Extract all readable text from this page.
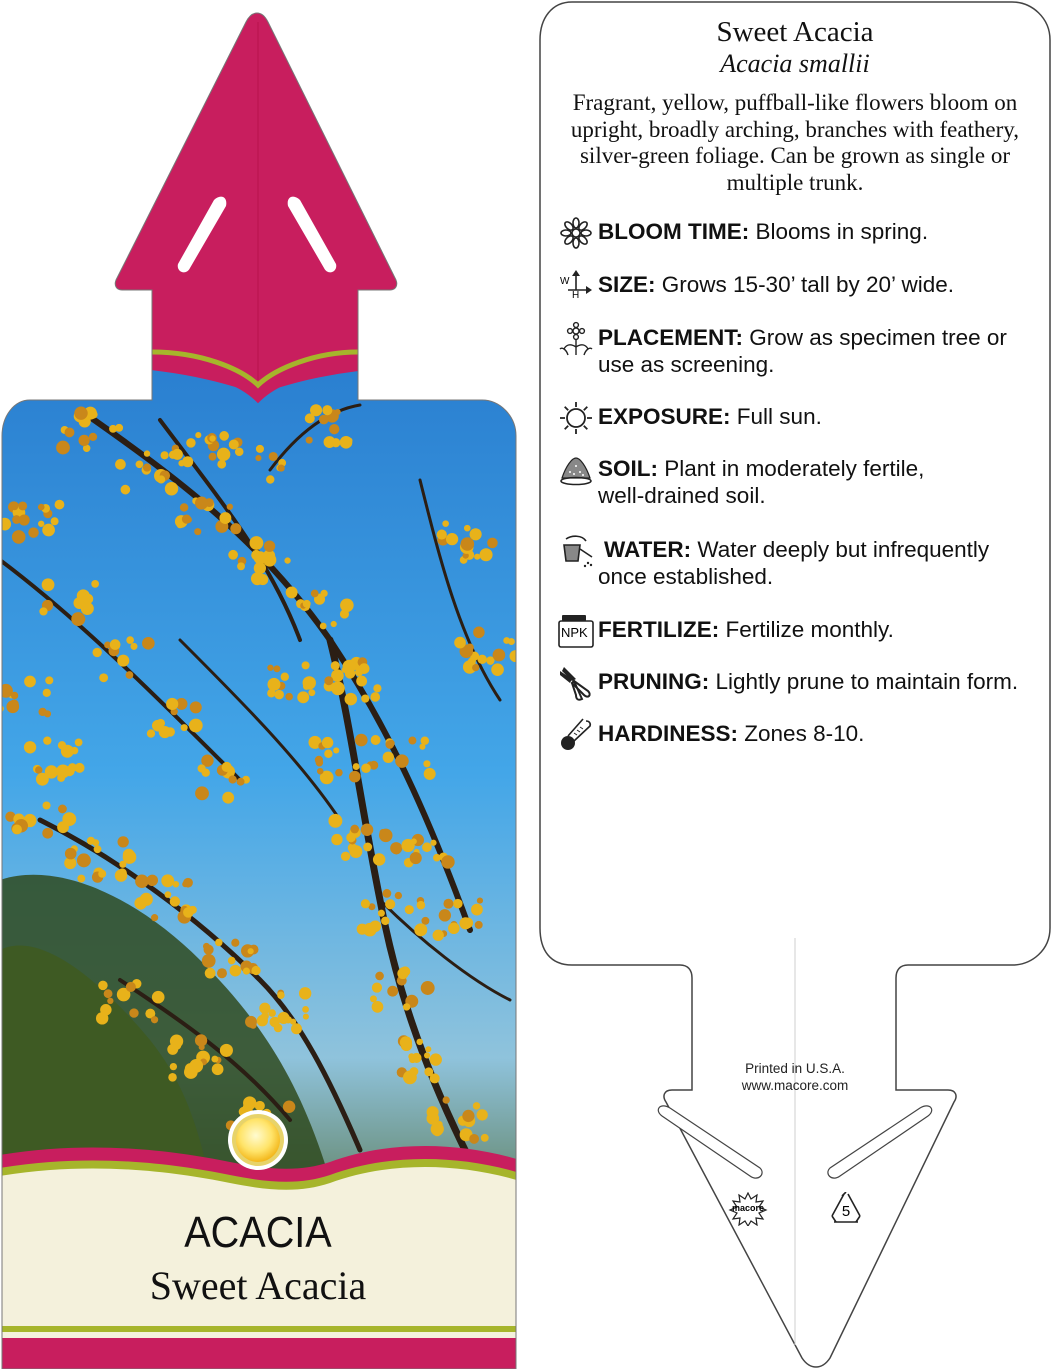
ACACIA
Sweet Acacia
Sweet Acacia
Acacia smallii
Fragrant, yellow, puffball-like flowers bloom on upright, broadly arching, branches with feathery, silver-green foliage. Can be grown as single or multiple trunk.
BLOOM TIME: Blooms in spring.
W
H SIZE: Grows 15-30’ tall by 20’ wide.
PLACEMENT: Grow as specimen tree or
use as screening.
EXPOSURE: Full sun.
SOIL: Plant in moderately fertile,
well-drained soil.
WATER: Water deeply but infrequently
once established.
NPK FERTILIZE: Fertilize monthly.
PRUNING: Lightly prune to maintain form.
HARDINESS: Zones 8-10.
Printed in U.S.A.
www.macore.com
macore	5
